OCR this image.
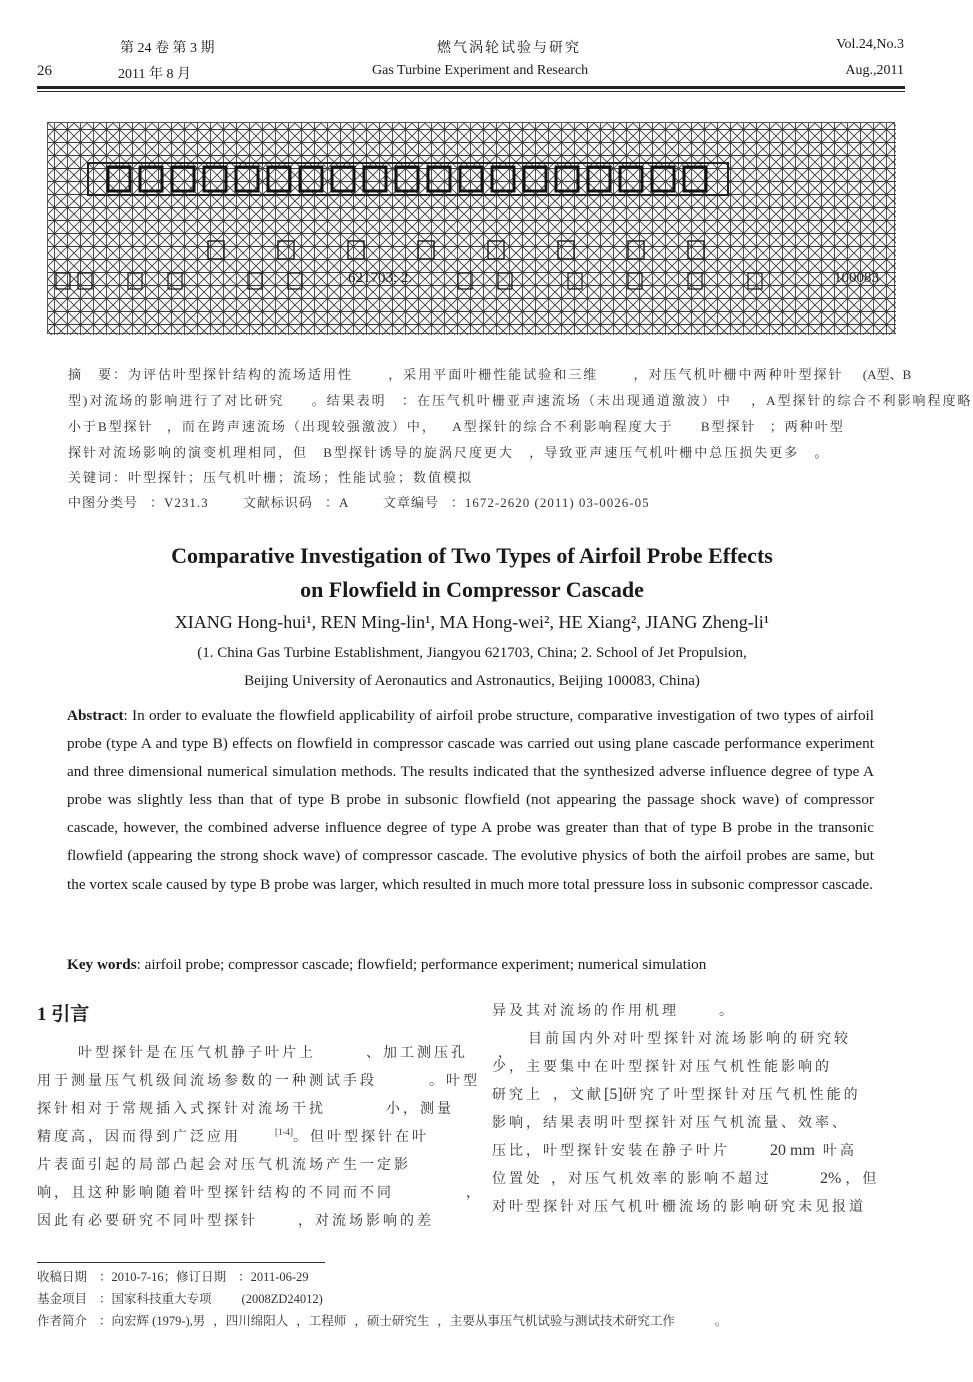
第 24 卷 第 3 期	燃气涡轮试验与研究	Vol.24,No.3
26	2011 年 8 月	Gas Turbine Experiment and Research	Aug.,2011
621703; 2.	100083
摘　要：为评估叶型探针结构的流场适用性	，采用平面叶栅性能试验和三维	，对压气机叶栅中两种叶型探针 (A型、B
型)对流场的影响进行了对比研究 。结果表明 ：在压气机叶栅亚声速流场（未出现通道激波）中 ，A型探针的综合不利影响程度略
小于B型探针 ，而在跨声速流场（出现较强激波）中， A型探针的综合不利影响程度大于 B型探针 ；两种叶型
探针对流场影响的演变机理相同，但 B型探针诱导的旋涡尺度更大 ，导致亚声速压气机叶栅中总压损失更多 。
关键词：叶型探针；压气机叶栅；流场；性能试验；数值模拟
中图分类号 ：V231.3	文献标识码 ：A	文章编号 ：1672-2620 (2011) 03-0026-05
Comparative Investigation of Two Types of Airfoil Probe Effects
on Flowfield in Compressor Cascade
XIANG Hong-hui¹, REN Ming-lin¹, MA Hong-wei², HE Xiang², JIANG Zheng-li¹
(1. China Gas Turbine Establishment, Jiangyou 621703, China; 2. School of Jet Propulsion,
Beijing University of Aeronautics and Astronautics, Beijing 100083, China)
Abstract: In order to evaluate the flowfield applicability of airfoil probe structure, comparative investigation of two types of airfoil probe (type A and type B) effects on flowfield in compressor cascade was carried out using plane cascade performance experiment and three dimensional numerical simulation methods. The results indicated that the synthesized adverse influence degree of type A probe was slightly less than that of type B probe in subsonic flowfield (not appearing the passage shock wave) of compressor cascade, however, the combined adverse influence degree of type A probe was greater than that of type B probe in the transonic flowfield (appearing the strong shock wave) of compressor cascade. The evolutive physics of both the airfoil probes are same, but the vortex scale caused by type B probe was larger, which resulted in much more total pressure loss in subsonic compressor cascade.
Key words: airfoil probe; compressor cascade; flowfield; performance experiment; numerical simulation
1 引言
叶型探针是在压气机静子叶片上	、加工测压孔 ，
用于测量压气机级间流场参数的一种测试手段	。叶型
探针相对于常规插入式探针对流场干扰	小，测量
精度高，因而得到广泛应用	[1-4]。但叶型探针在叶
片表面引起的局部凸起会对压气机流场产生一定影
响，且这种影响随着叶型探针结构的不同而不同	，
因此有必要研究不同叶型探针	，对流场影响的差
异及其对流场的作用机理	。
目前国内外对叶型探针对流场影响的研究较
少，主要集中在叶型探针对压气机性能影响的
研究上 ，文献[5]研究了叶型探针对压气机性能的
影响，结果表明叶型探针对压气机流量、效率、
压比，叶型探针安装在静子叶片	20 mm 叶高
位置处 ，对压气机效率的影响不超过	2% ，但
对叶型探针对压气机叶栅流场的影响研究未见报道
收稿日期 ：2010-7-16；修订日期 ：2011-06-29
基金项目 ：国家科技重大专项 (2008ZD24012)
作者简介 ：向宏辉 (1979-),男 ，四川绵阳人 ，工程师 ，硕士研究生 ，主要从事压气机试验与测试技术研究工作	。
